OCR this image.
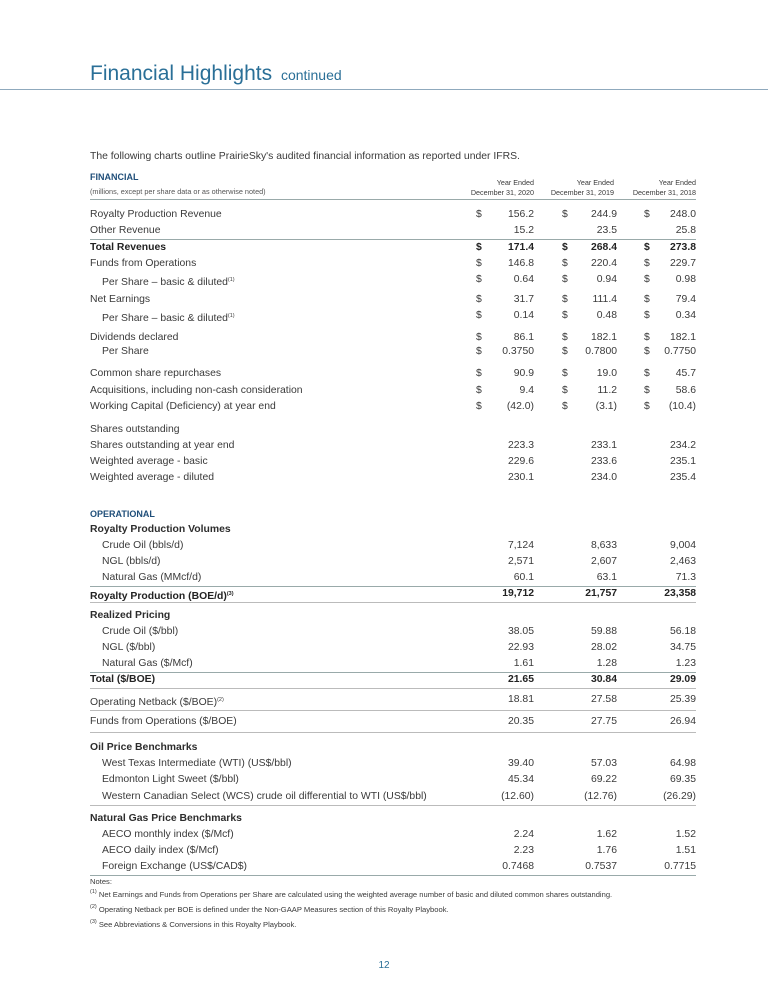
Financial Highlights continued
The following charts outline PrairieSky's audited financial information as reported under IFRS.
FINANCIAL
(millions, except per share data or as otherwise noted)
Year Ended
December 31, 2020
Year Ended
December 31, 2019
Year Ended
December 31, 2018
Royalty Production Revenue	$	156.2	$	244.9	$	248.0
Other Revenue	15.2	23.5	25.8
Total Revenues	$	171.4	$	268.4	$	273.8
Funds from Operations	$	146.8	$	220.4	$	229.7
Per Share – basic & diluted$^{(1)}$	$	0.64	$	0.94	$	0.98
Net Earnings	$	31.7	$	111.4	$	79.4
Per Share – basic & diluted$^{(1)}$	$	0.14	$	0.48	$	0.34
Dividends declared	$	86.1	$	182.1	$	182.1
Per Share	$	0.3750	$	0.7800	$	0.7750
Common share repurchases	$	90.9	$	19.0	$	45.7
Acquisitions, including non-cash consideration	$	9.4	$	11.2	$	58.6
Working Capital (Deficiency) at year end	$	(42.0)	$	(3.1)	$	(10.4)
Shares outstanding
Shares outstanding at year end	223.3	233.1	234.2
Weighted average - basic	229.6	233.6	235.1
Weighted average - diluted	230.1	234.0	235.4
Royalty Production Volumes
Crude Oil (bbls/d)	7,124	8,633	9,004
NGL (bbls/d)	2,571	2,607	2,463
Natural Gas (MMcf/d)	60.1	63.1	71.3
Royalty Production $(BOE/d)^{(3)}$	19,712	21,757	23,358
Realized Pricing
Crude Oil ($/bbl)	38.05	59.88	56.18
NGL ($/bbl)	22.93	28.02	34.75
Natural Gas ($/Mcf)	1.61	1.28	1.23
Total ($/BOE)	21.65	30.84	29.09
Operating Netback ($/BOE)$^{(2)}$	18.81	27.58	25.39
Funds from Operations ($/BOE)	20.35	27.75	26.94
Oil Price Benchmarks
West Texas Intermediate (WTI) (US$/bbl)	39.40	57.03	64.98
Edmonton Light Sweet ($/bbl)	45.34	69.22	69.35
Western Canadian Select (WCS) crude oil differential to WTI (US$/bbl)	(12.60)	(12.76)	(26.29)
Natural Gas Price Benchmarks
AECO monthly index ($/Mcf)	2.24	1.62	1.52
AECO daily index ($/Mcf)	2.23	1.76	1.51
Foreign Exchange (US$/CAD$)	0.7468	0.7537	0.7715
OPERATIONAL
Notes:
$^{(1)}$ Net Earnings and Funds from Operations per Share are calculated using the weighted average number of basic and diluted common shares outstanding.
$^{(2)}$ Operating Netback per BOE is defined under the Non-GAAP Measures section of this Royalty Playbook.
$^{(3)}$ See Abbreviations & Conversions in this Royalty Playbook.
12
